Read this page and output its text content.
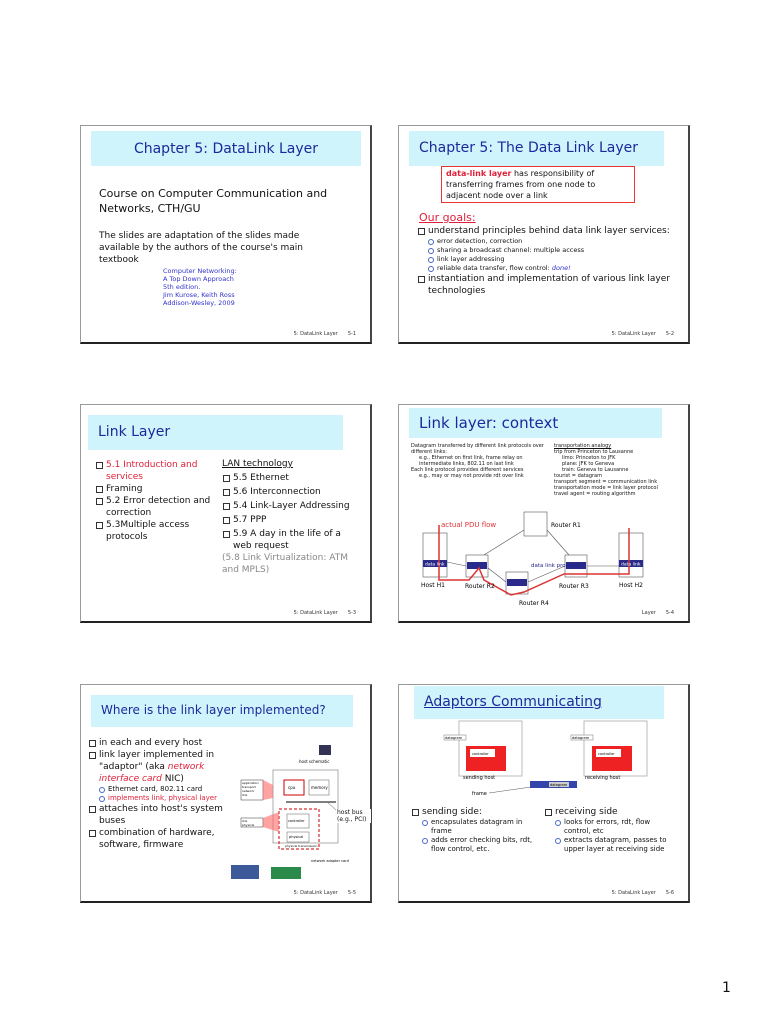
Chapter 5: DataLink Layer
Course on Computer Communication and Networks, CTH/GU
The slides are adaptation of the slides made available by the authors of the course's main textbook
Computer Networking:
A Top Down Approach
5th edition.
Jim Kurose, Keith Ross
Addison-Wesley, 2009
5: DataLink Layer 5-1
Chapter 5: The Data Link Layer
data-link layer has responsibility of transferring frames from one node to adjacent node over a link
Our goals:
understand principles behind data link layer services:
error detection, correction
sharing a broadcast channel: multiple access
link layer addressing
reliable data transfer, flow control: done!
instantiation and implementation of various link layer technologies
5: DataLink Layer 5-2
Link Layer
5.1 Introduction and services
Framing
5.2 Error detection and correction
5.3Multiple access protocols
LAN technology
5.5 Ethernet
5.6 Interconnection
5.4 Link-Layer Addressing
5.7 PPP
5.9 A day in the life of a web request
(5.8 Link Virtualization: ATM and MPLS)
5: DataLink Layer 5-3
Link layer: context
Datagram transferred by different link protocols over different links:
e.g., Ethernet on first link, frame relay on intermediate links, 802.11 on last link
Each link protocol provides different services
e.g., may or may not provide rdt over link
transportation analogy
trip from Princeton to Lausanne
limo: Princeton to JFK
plane: JFK to Geneva
train: Geneva to Lausanne
tourist = datagram
transport segment = communication link
transportation mode = link layer protocol
travel agent = routing algorithm
actual PDU flow	Router R1
data link	data link
data link protocol
Host H1	Router R2	Router R3	Host H2
Router R4
Layer 5-4
Where is the link layer implemented?
in each and every host
link layer implemented in "adaptor" (aka network interface card NIC)
Ethernet card, 802.11 card
implements link, physical layer
attaches into host's system buses
combination of hardware, software, firmware
host schematic
cpu	memory
controller
physical
physical transmission
network adapter card
application
transport
network
link
link
physical
host bus (e.g., PCI)
5: DataLink Layer 5-5
Adaptors Communicating
controller	controller
datagram	datagram
sending host	receiving host
datagram
frame
sending side:
encapsulates datagram in frame
adds error checking bits, rdt, flow control, etc.
receiving side
looks for errors, rdt, flow control, etc
extracts datagram, passes to upper layer at receiving side
5: DataLink Layer 5-6
1
